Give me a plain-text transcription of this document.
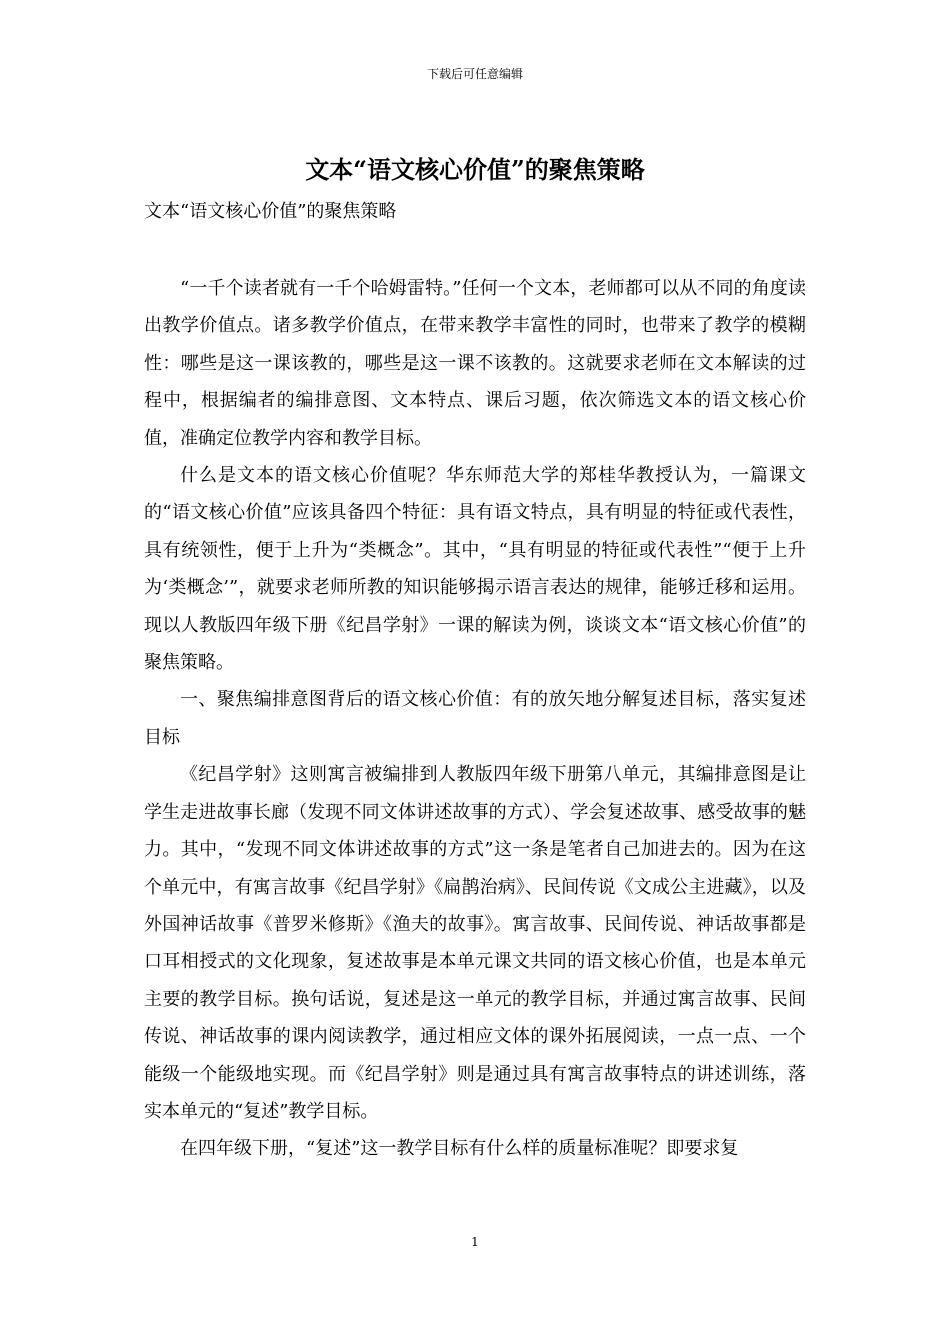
下载后可任意编辑
文本“语文核心价值”的聚焦策略
文本“语文核心价值”的聚焦策略

“一千个读者就有一千个哈姆雷特。”任何一个文本，老师都可以从不同的角度读出教学价值点。诸多教学价值点，在带来教学丰富性的同时，也带来了教学的模糊性：哪些是这一课该教的，哪些是这一课不该教的。这就要求老师在文本解读的过程中，根据编者的编排意图、文本特点、课后习题，依次筛选文本的语文核心价值，准确定位教学内容和教学目标。

什么是文本的语文核心价值呢？华东师范大学的郑桂华教授认为，一篇课文的“语文核心价值”应该具备四个特征：具有语文特点，具有明显的特征或代表性，具有统领性，便于上升为“类概念”。其中，“具有明显的特征或代表性”“便于上升为‘类概念’”，就要求老师所教的知识能够揭示语言表达的规律，能够迁移和运用。现以人教版四年级下册《纪昌学射》一课的解读为例，谈谈文本“语文核心价值”的聚焦策略。

一、聚焦编排意图背后的语文核心价值：有的放矢地分解复述目标，落实复述目标

《纪昌学射》这则寓言被编排到人教版四年级下册第八单元，其编排意图是让学生走进故事长廊（发现不同文体讲述故事的方式）、学会复述故事、感受故事的魅力。其中，“发现不同文体讲述故事的方式”这一条是笔者自己加进去的。因为在这个单元中，有寓言故事《纪昌学射》《扁鹊治病》、民间传说《文成公主进藏》，以及外国神话故事《普罗米修斯》《渔夫的故事》。寓言故事、民间传说、神话故事都是口耳相授式的文化现象，复述故事是本单元课文共同的语文核心价值，也是本单元主要的教学目标。换句话说，复述是这一单元的教学目标，并通过寓言故事、民间传说、神话故事的课内阅读教学，通过相应文体的课外拓展阅读，一点一点、一个能级一个能级地实现。而《纪昌学射》则是通过具有寓言故事特点的讲述训练，落实本单元的“复述”教学目标。

在四年级下册，“复述”这一教学目标有什么样的质量标准呢？即要求复

1
